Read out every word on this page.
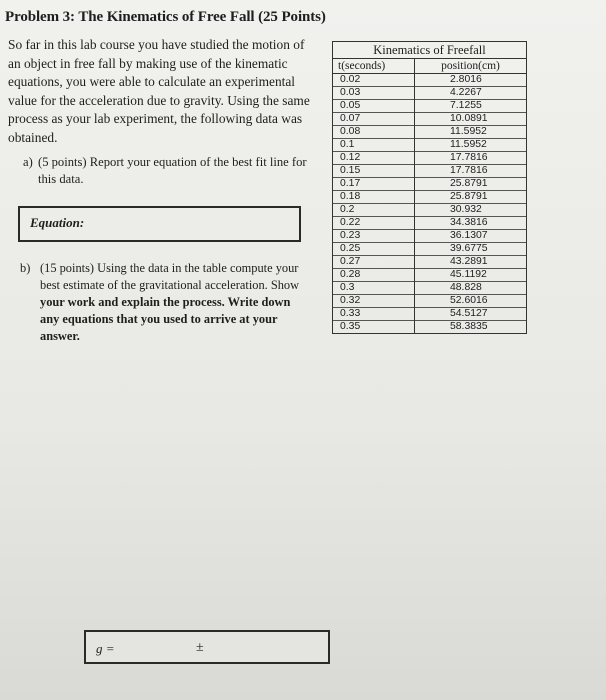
Problem 3: The Kinematics of Free Fall (25 Points)
So far in this lab course you have studied the motion of
an object in free fall by making use of the kinematic
equations, you were able to calculate an experimental
value for the acceleration due to gravity. Using the same
process as your lab experiment, the following data was
obtained.
a) (5 points) Report your equation of the best fit line for
this data.
Equation:
b) (15 points) Using the data in the table compute your
best estimate of the gravitational acceleration. Show
your work and explain the process. Write down
any equations that you used to arrive at your
answer.
g =	±
Kinematics of Freefall
t(seconds)	position(cm)
0.02
0.03
0.05
0.07
0.08
0.1
0.12
0.15
0.17
0.18
0.2
0.22
0.23
0.25
0.27
0.28
0.3
0.32
0.33
0.35
2.8016
4.2267
7.1255
10.0891
11.5952
11.5952
17.7816
17.7816
25.8791
25.8791
30.932
34.3816
36.1307
39.6775
43.2891
45.1192
48.828
52.6016
54.5127
58.3835
